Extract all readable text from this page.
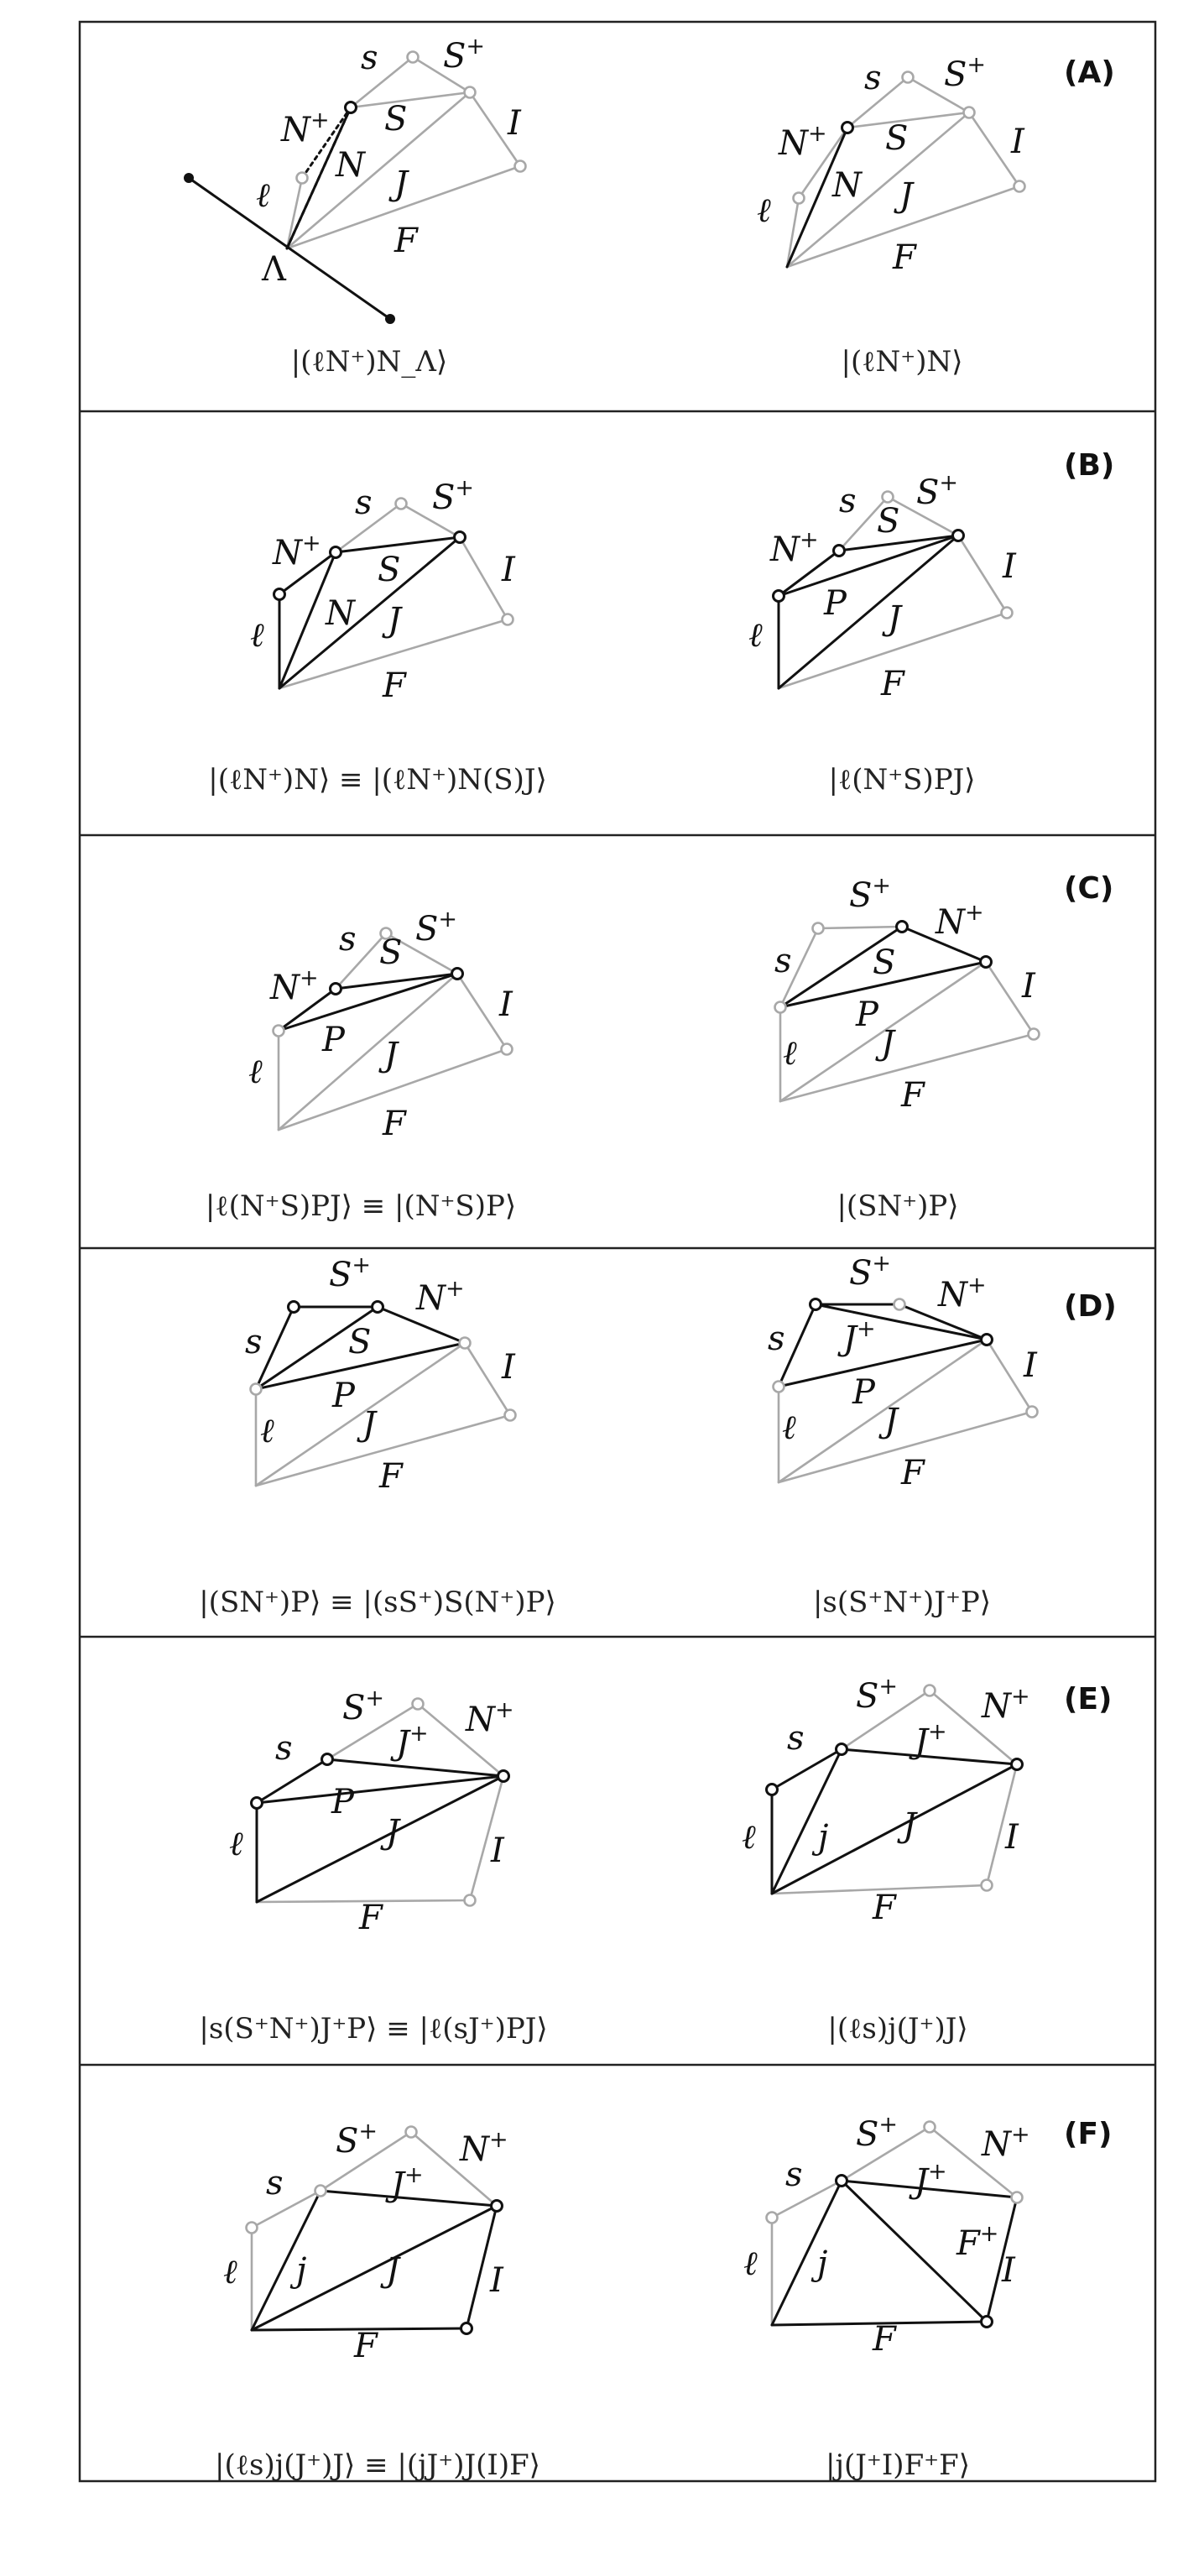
s S+
N+ S
N
I
ℓ	J
F
Λ
s S+
N+ S
N
I
ℓ	J
F
s S+
N+
S
N
I
ℓ	J
F
s S+
N+ S
P
I
ℓ	J
F
s S+
N+
S
P
I
ℓ	J
F
S+
N+
s S
P
I
ℓ	J
F
S+
N+
s	S
P
I
ℓ	J
F
S+
N+
s J+
P
I
ℓ	J
F
S+
N+
s	J+
P
I
ℓ	J
F
S+
N+
s	J+
j	I
ℓ	J
F
S+ N+
s	J+
j	I
ℓ	J
F
S+
N+
s	J+
j
F+
I
ℓ
F
(A)
(B)
(C)
(D)
(E)
(F)
|(ℓN⁺)N_Λ⟩	|(ℓN⁺)N⟩
|(ℓN⁺)N⟩ ≡ |(ℓN⁺)N(S)J⟩	|ℓ(N⁺S)PJ⟩
|ℓ(N⁺S)PJ⟩ ≡ |(N⁺S)P⟩	|(SN⁺)P⟩
|(SN⁺)P⟩ ≡ |(sS⁺)S(N⁺)P⟩	|s(S⁺N⁺)J⁺P⟩
|s(S⁺N⁺)J⁺P⟩ ≡ |ℓ(sJ⁺)PJ⟩	|(ℓs)j(J⁺)J⟩
|(ℓs)j(J⁺)J⟩ ≡ |(jJ⁺)J(I)F⟩	|j(J⁺I)F⁺F⟩
